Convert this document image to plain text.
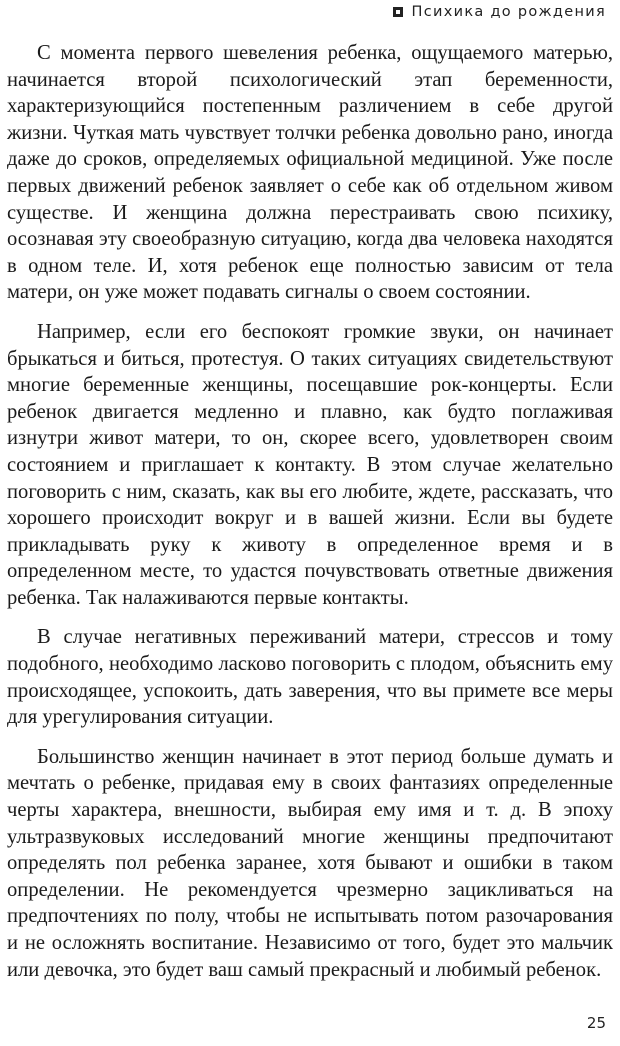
Психика до рождения

С момента первого шевеления ребенка, ощущаемого матерью, начинается второй психологический этап беременности, характеризующийся постепенным различением в себе другой жизни. Чуткая мать чувствует толчки ребенка довольно рано, иногда даже до сроков, определяемых официальной медициной. Уже после первых движений ребенок заявляет о себе как об отдельном живом существе. И женщина должна перестраивать свою психику, осознавая эту своеобразную ситуацию, когда два человека находятся в одном теле. И, хотя ребенок еще полностью зависим от тела матери, он уже может подавать сигналы о своем состоянии.

Например, если его беспокоят громкие звуки, он начинает брыкаться и биться, протестуя. О таких ситуациях свидетельствуют многие беременные женщины, посещавшие рок-концерты. Если ребенок двигается медленно и плавно, как будто поглаживая изнутри живот матери, то он, скорее всего, удовлетворен своим состоянием и приглашает к контакту. В этом случае желательно поговорить с ним, сказать, как вы его любите, ждете, рассказать, что хорошего происходит вокруг и в вашей жизни. Если вы будете прикладывать руку к животу в определенное время и в определенном месте, то удастся почувствовать ответные движения ребенка. Так налаживаются первые контакты.

В случае негативных переживаний матери, стрессов и тому подобного, необходимо ласково поговорить с плодом, объяснить ему происходящее, успокоить, дать заверения, что вы примете все меры для урегулирования ситуации.

Большинство женщин начинает в этот период больше думать и мечтать о ребенке, придавая ему в своих фантазиях определенные черты характера, внешности, выбирая ему имя и т. д. В эпоху ультразвуковых исследований многие женщины предпочитают определять пол ребенка заранее, хотя бывают и ошибки в таком определении. Не рекомендуется чрезмерно зацикливаться на предпочтениях по полу, чтобы не испытывать потом разочарования и не осложнять воспитание. Независимо от того, будет это мальчик или девочка, это будет ваш самый прекрасный и любимый ребенок.

25
